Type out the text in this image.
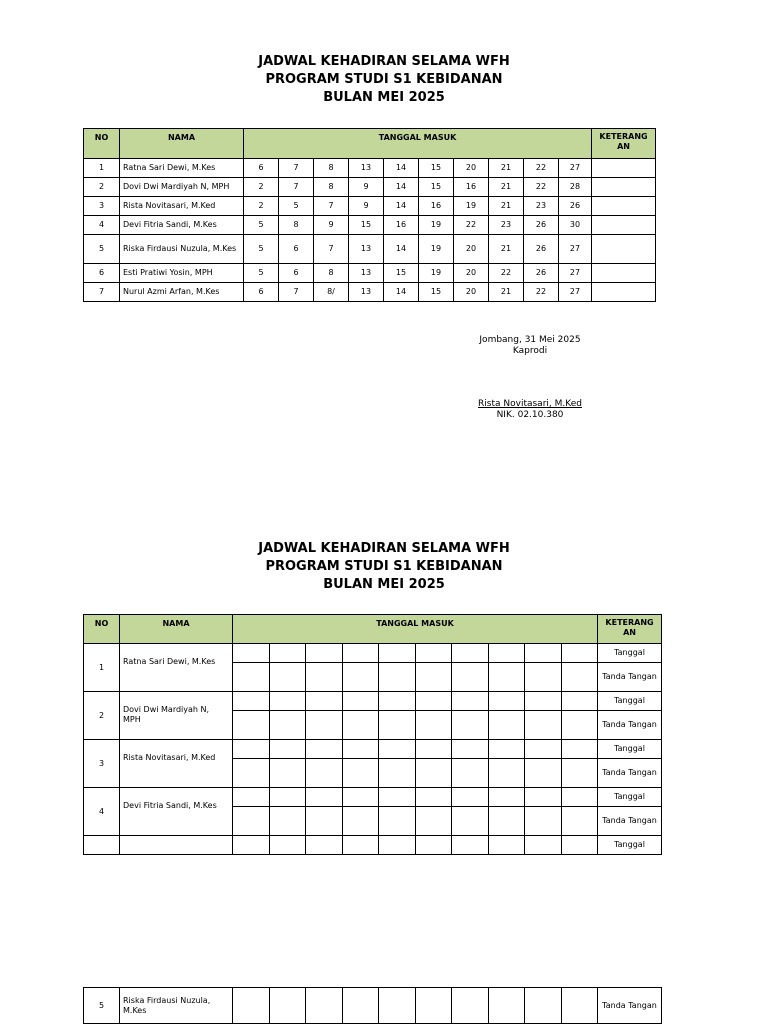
JADWAL KEHADIRAN SELAMA WFH
PROGRAM STUDI S1 KEBIDANAN
BULAN MEI 2025
NO	NAMA	TANGGAL MASUK										KETERANG AN
1	Ratna Sari Dewi, M.Kes	6	7	8	13	14	15	20	21	22	27	
2	Dovi Dwi Mardiyah N, MPH	2	7	8	9	14	15	16	21	22	28	
3	Rista Novitasari, M.Ked	2	5	7	9	14	16	19	21	23	26	
4	Devi Fitria Sandi, M.Kes	5	8	9	15	16	19	22	23	26	30	
5	Riska Firdausi Nuzula, M.Kes	5	6	7	13	14	19	20	21	26	27	
6	Esti Pratiwi Yosin, MPH	5	6	8	13	15	19	20	22	26	27	
7	Nurul Azmi Arfan, M.Kes	6	7	8/	13	14	15	20	21	22	27	
Jombang, 31 Mei 2025
Kaprodi
Rista Novitasari, M.Ked
NIK. 02.10.380
JADWAL KEHADIRAN SELAMA WFH
PROGRAM STUDI S1 KEBIDANAN
BULAN MEI 2025
NO	NAMA	TANGGAL MASUK										KETERANG AN
1	Ratna Sari Dewi, M.Kes											Tanggal
												Tanda Tangan
2	Dovi Dwi Mardiyah N, MPH											Tanggal
												Tanda Tangan
3	Rista Novitasari, M.Ked											Tanggal
												Tanda Tangan
4	Devi Fitria Sandi, M.Kes											Tanggal
												Tanda Tangan
												Tanggal
5	Riska Firdausi Nuzula, M.Kes											Tanda Tangan
